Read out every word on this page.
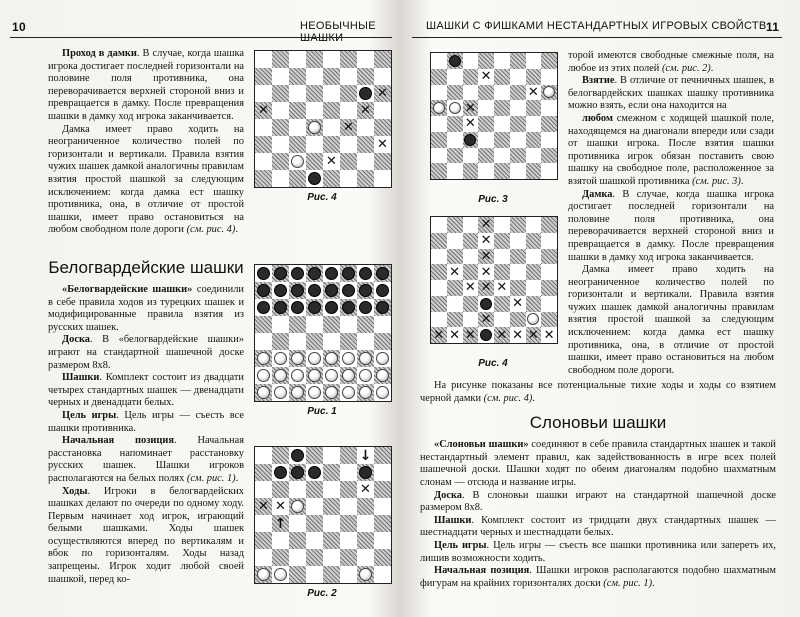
10	НЕОБЫЧНЫЕ ШАШКИ

Проход в дамки. В случае, когда шашка игрока достигает последней горизонтали на половине поля противника, она переворачивается верхней стороной вниз и превращается в дамку. После превращения шашки в дамку ход игрока заканчивается.

Дамка имеет право ходить на неограниченное количество полей по горизонтали и вертикали. Правила взятия чужих шашек дамкой аналогичны правилам взятия простой шашкой за следующим исключением: когда дамка ест шашку противника, она, в отличие от простой шашки, имеет право остановиться на любом свободном поле дороги (см. рис. 4).

Белогвардейские шашки

«Белогвардейские шашки» соединили в себе правила ходов из турецких шашек и модифицированные правила взятия из русских шашек.

Доска. В «белогвардейские шашки» играют на стандартной шашечной доске размером 8х8.

Шашки. Комплект состоит из двадцати четырех стандартных шашек — двенадцати черных и двенадцати белых.

Цель игры. Цель игры — съесть все шашки противника.

Начальная позиция. Начальная расстановка напоминает расстановку русских шашек. Шашки игроков располагаются на белых полях (см. рис. 1).

Ходы. Игроки в белогвардейских шашках делают по очереди по одному ходу. Первым начинает ход игрок, играющий белыми шашками. Ходы шашек осуществляются вперед по вертикалям и вбок по горизонталям. Ходы назад запрещены. Игрок ходит любой своей шашкой, перед ко-

✕
✕	✕
✕
✕
✕
Рис. 4
Рис. 1
↓
✕
✕ ✕
↑
Рис. 2
ШАШКИ С ФИШКАМИ НЕСТАНДАРТНЫХ ИГРОВЫХ СВОЙСТВ 11
✕
✕
✕
✕
Рис. 3
✕
✕
✕
✕ ✕
✕ ✕ ✕
✕
✕
✕ ✕ ✕ ✕ ✕ ✕ ✕
Рис. 4

торой имеются свободные смежные поля, на любое из этих полей (см. рис. 2).

Взятие. В отличие от печничных шашек, в белогвардейских шашках шашку противника можно взять, если она находится на

любом смежном с ходящей шашкой поле, находящемся на диагонали впереди или сзади от шашки игрока. После взятия шашки противника игрок обязан поставить свою шашку на свободное поле, расположенное за взятой шашкой противника (см. рис. 3).

Дамка. В случае, когда шашка игрока достигает последней горизонтали на половине поля противника, она переворачивается верхней стороной вниз и превращается в дамку. После превращения шашки в дамку ход игрока заканчивается.

Дамка имеет право ходить на неограниченное количество полей по горизонтали и вертикали. Правила взятия чужих шашек дамкой аналогичны правилам взятия простой шашкой за следующим исключением: когда дамка ест шашку противника, она, в отличие от простой шашки, имеет право остановиться на любом свободном поле дороги.

На рисунке показаны все потенциальные тихие ходы и ходы со взятием черной дамки (см. рис. 4).

Слоновьи шашки

«Слоновьи шашки» соединяют в себе правила стандартных шашек и такой нестандартный элемент правил, как задействованность в игре всех полей шашечной доски. Шашки ходят по обеим диагоналям подобно шахматным слонам — отсюда и название игры.

Доска. В слоновьи шашки играют на стандартной шашечной доске размером 8х8.

Шашки. Комплект состоит из тридцати двух стандартных шашек — шестнадцати черных и шестнадцати белых.

Цель игры. Цель игры — съесть все шашки противника или запереть их, лишив возможности ходить.

Начальная позиция. Шашки игроков располагаются подобно шахматным фигурам на крайних горизонталях доски (см. рис. 1).
